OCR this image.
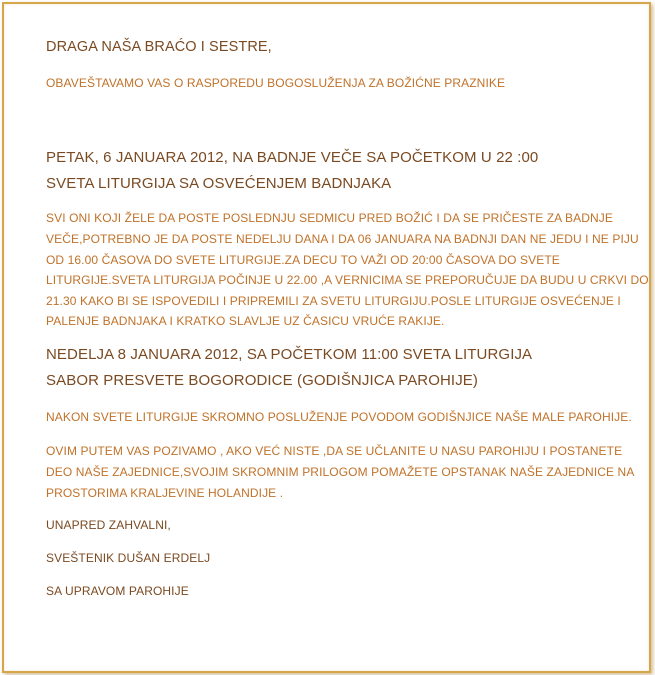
DRAGA NAŠA BRAĆO I SESTRE,
OBAVEŠTAVAMO VAS O RASPOREDU BOGOSLUŽENJA ZA BOŽIĆNE PRAZNIKE
PETAK, 6 JANUARA 2012, NA BADNJE VEČE SA POČETKOM U 22 :00
SVETA LITURGIJA SA OSVEĆENJEM BADNJAKA
SVI ONI KOJI ŽELE DA POSTE POSLEDNJU SEDMICU PRED BOŽIĆ I DA SE PRIČESTE ZA BADNJE
VEČE,POTREBNO JE DA POSTE NEDELJU DANA I DA 06 JANUARA NA BADNJI DAN NE JEDU I NE PIJU
OD 16.00 ČASOVA DO SVETE LITURGIJE.ZA DECU TO VAŽI OD 20:00 ČASOVA DO SVETE
LITURGIJE.SVETA LITURGIJA POČINJE U 22.00 ,A VERNICIMA SE PREPORUČUJE DA BUDU U CRKVI DO
21.30 KAKO BI SE ISPOVEDILI I PRIPREMILI ZA SVETU LITURGIJU.POSLE LITURGIJE OSVEĆENJE I
PALENJE BADNJAKA I KRATKO SLAVLJE UZ ČASICU VRUĆE RAKIJE.
NEDELJA 8 JANUARA 2012, SA POČETKOM 11:00 SVETA LITURGIJA
SABOR PRESVETE BOGORODICE (GODIŠNJICA PAROHIJE)
NAKON SVETE LITURGIJE SKROMNO POSLUŽENJE POVODOM GODIŠNJICE NAŠE MALE PAROHIJE.
OVIM PUTEM VAS POZIVAMO , AKO VEĆ NISTE ,DA SE UČLANITE U NASU PAROHIJU I POSTANETE
DEO NAŠE ZAJEDNICE,SVOJIM SKROMNIM PRILOGOM POMAŽETE OPSTANAK NAŠE ZAJEDNICE NA
PROSTORIMA KRALJEVINE HOLANDIJE .
UNAPRED ZAHVALNI,
SVEŠTENIK DUŠAN ERDELJ
SA UPRAVOM PAROHIJE
